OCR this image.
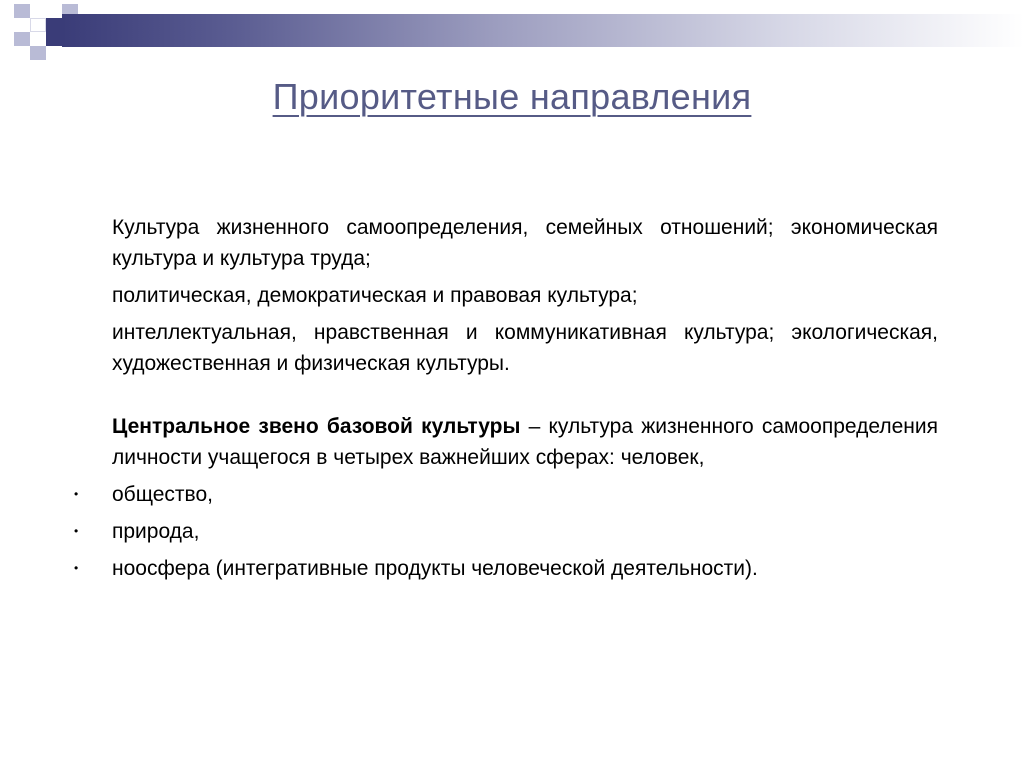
Приоритетные направления

Культура жизненного самоопределения, семейных отношений; экономическая культура и культура труда;

политическая, демократическая и правовая культура;

интеллектуальная, нравственная и коммуникативная культура; экологическая, художественная и физическая культуры.

Центральное звено базовой культуры – культура жизненного самоопределения личности учащегося в четырех важнейших сферах: человек,

• общество,
• природа,
• ноосфера (интегративные продукты человеческой деятельности).
